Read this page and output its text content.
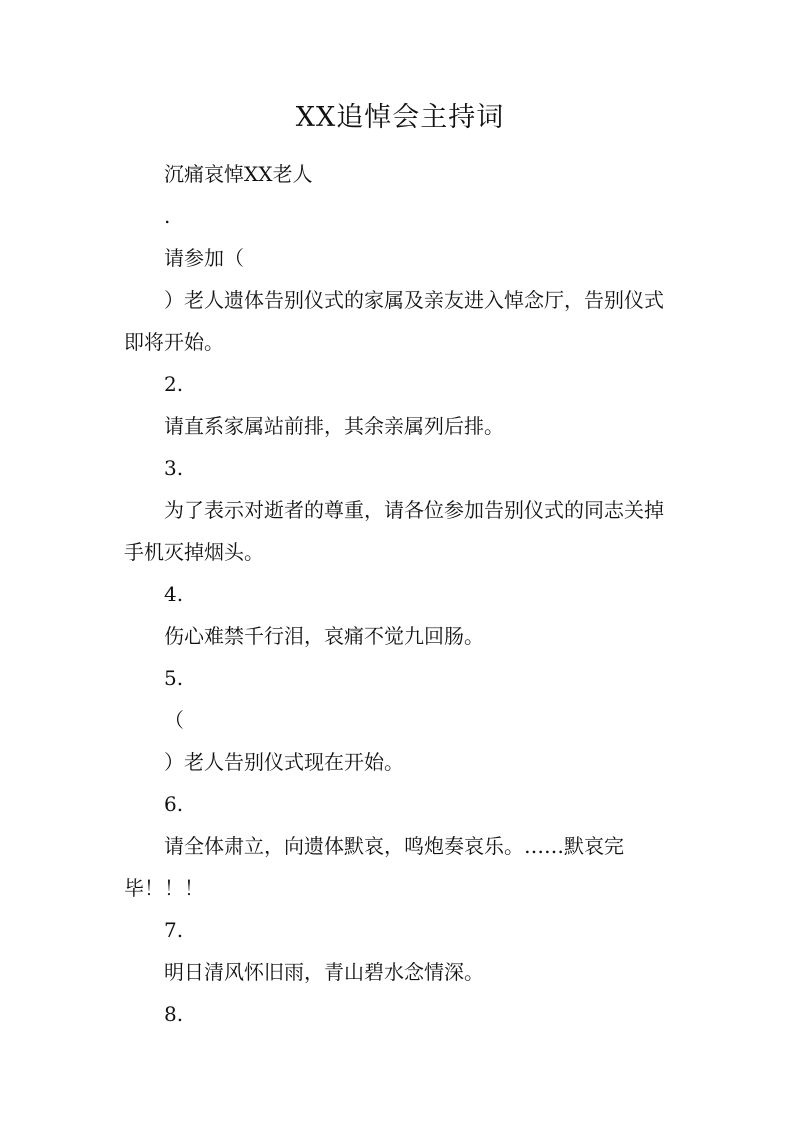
XX追悼会主持词

沉痛哀悼XX老人

.

请参加（

）老人遗体告别仪式的家属及亲友进入悼念厅，告别仪式即将开始。

2.

请直系家属站前排，其余亲属列后排。

3.

为了表示对逝者的尊重，请各位参加告别仪式的同志关掉手机灭掉烟头。

4.

伤心难禁千行泪，哀痛不觉九回肠。

5.

（

）老人告别仪式现在开始。

6.

请全体肃立，向遗体默哀，鸣炮奏哀乐。……默哀完毕！！！

7.

明日清风怀旧雨，青山碧水念情深。

8.
